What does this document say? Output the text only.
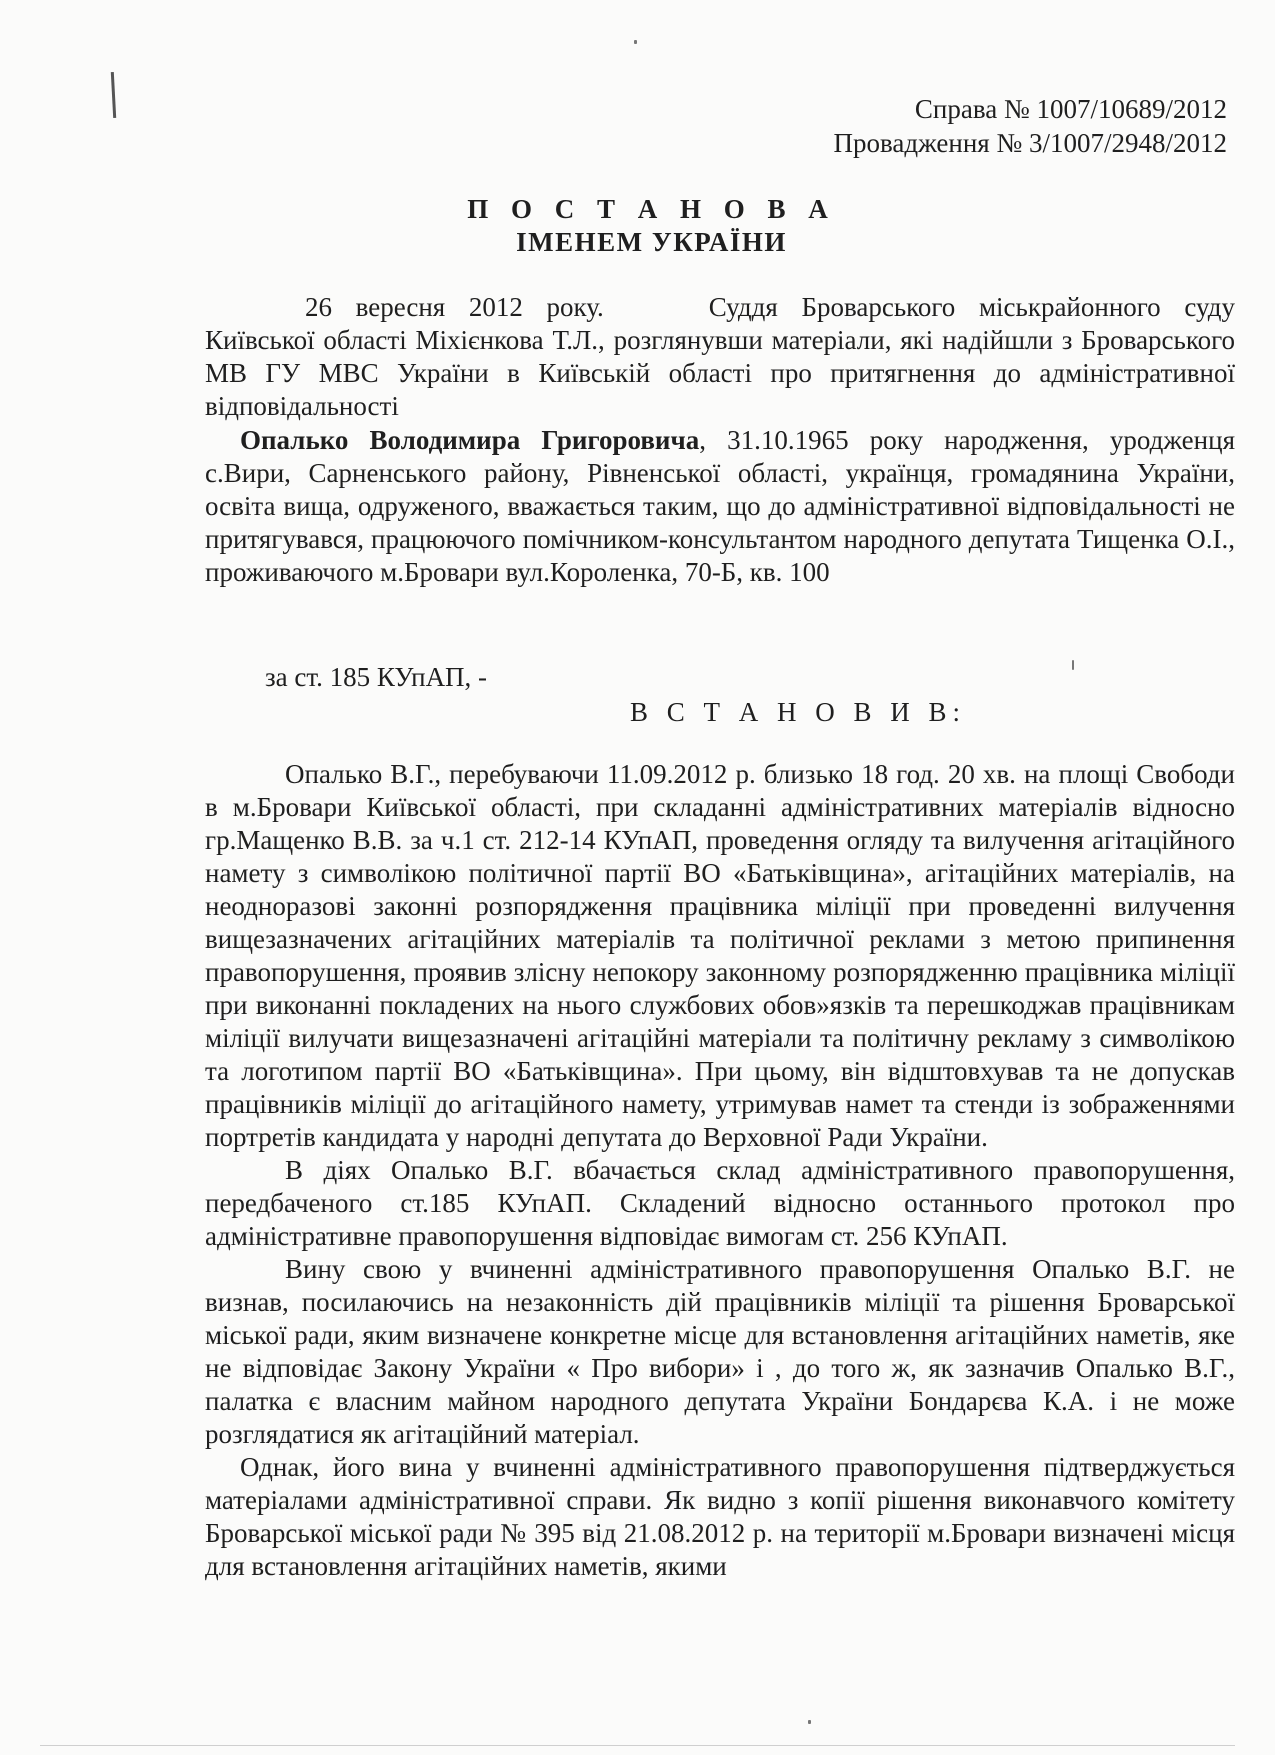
Справа № 1007/10689/2012
Провадження № 3/1007/2948/2012
П О С Т А Н О В А
ІМЕНЕМ УКРАЇНИ

26 вересня 2012 року.	Суддя Броварського міськрайонного суду Київської області Міхієнкова Т.Л., розглянувши матеріали, які надійшли з Броварського МВ ГУ МВС України в Київській області про притягнення до адміністративної відповідальності

Опалько Володимира Григоровича, 31.10.1965 року народження, уродженця с.Вири, Сарненського району, Рівненської області, українця, громадянина України, освіта вища, одруженого, вважається таким, що до адміністративної відповідальності не притягувався, працюючого помічником-консультантом народного депутата Тищенка О.І., проживаючого м.Бровари вул.Короленка, 70-Б, кв. 100

за ст. 185 КУпАП, -
В С Т А Н О В И В:

Опалько В.Г., перебуваючи 11.09.2012 р. близько 18 год. 20 хв. на площі Свободи в м.Бровари Київської області, при складанні адміністративних матеріалів відносно гр.Мащенко В.В. за ч.1 ст. 212-14 КУпАП, проведення огляду та вилучення агітаційного намету з символікою політичної партії ВО «Батьківщина», агітаційних матеріалів, на неодноразові законні розпорядження працівника міліції при проведенні вилучення вищезазначених агітаційних матеріалів та політичної реклами з метою припинення правопорушення, проявив злісну непокору законному розпорядженню працівника міліції при виконанні покладених на нього службових обов»язків та перешкоджав працівникам міліції вилучати вищезазначені агітаційні матеріали та політичну рекламу з символікою та логотипом партії ВО «Батьківщина». При цьому, він відштовхував та не допускав працівників міліції до агітаційного намету, утримував намет та стенди із зображеннями портретів кандидата у народні депутата до Верховної Ради України.

В діях Опалько В.Г. вбачається склад адміністративного правопорушення, передбаченого ст.185 КУпАП. Складений відносно останнього протокол про адміністративне правопорушення відповідає вимогам ст. 256 КУпАП.

Вину свою у вчиненні адміністративного правопорушення Опалько В.Г. не визнав, посилаючись на незаконність дій працівників міліції та рішення Броварської міської ради, яким визначене конкретне місце для встановлення агітаційних наметів, яке не відповідає Закону України « Про вибори» і , до того ж, як зазначив Опалько В.Г., палатка є власним майном народного депутата України Бондарєва К.А. і не може розглядатися як агітаційний матеріал.

Однак, його вина у вчиненні адміністративного правопорушення підтверджується матеріалами адміністративної справи. Як видно з копії рішення виконавчого комітету Броварської міської ради № 395 від 21.08.2012 р. на території м.Бровари визначені місця для встановлення агітаційних наметів, якими
